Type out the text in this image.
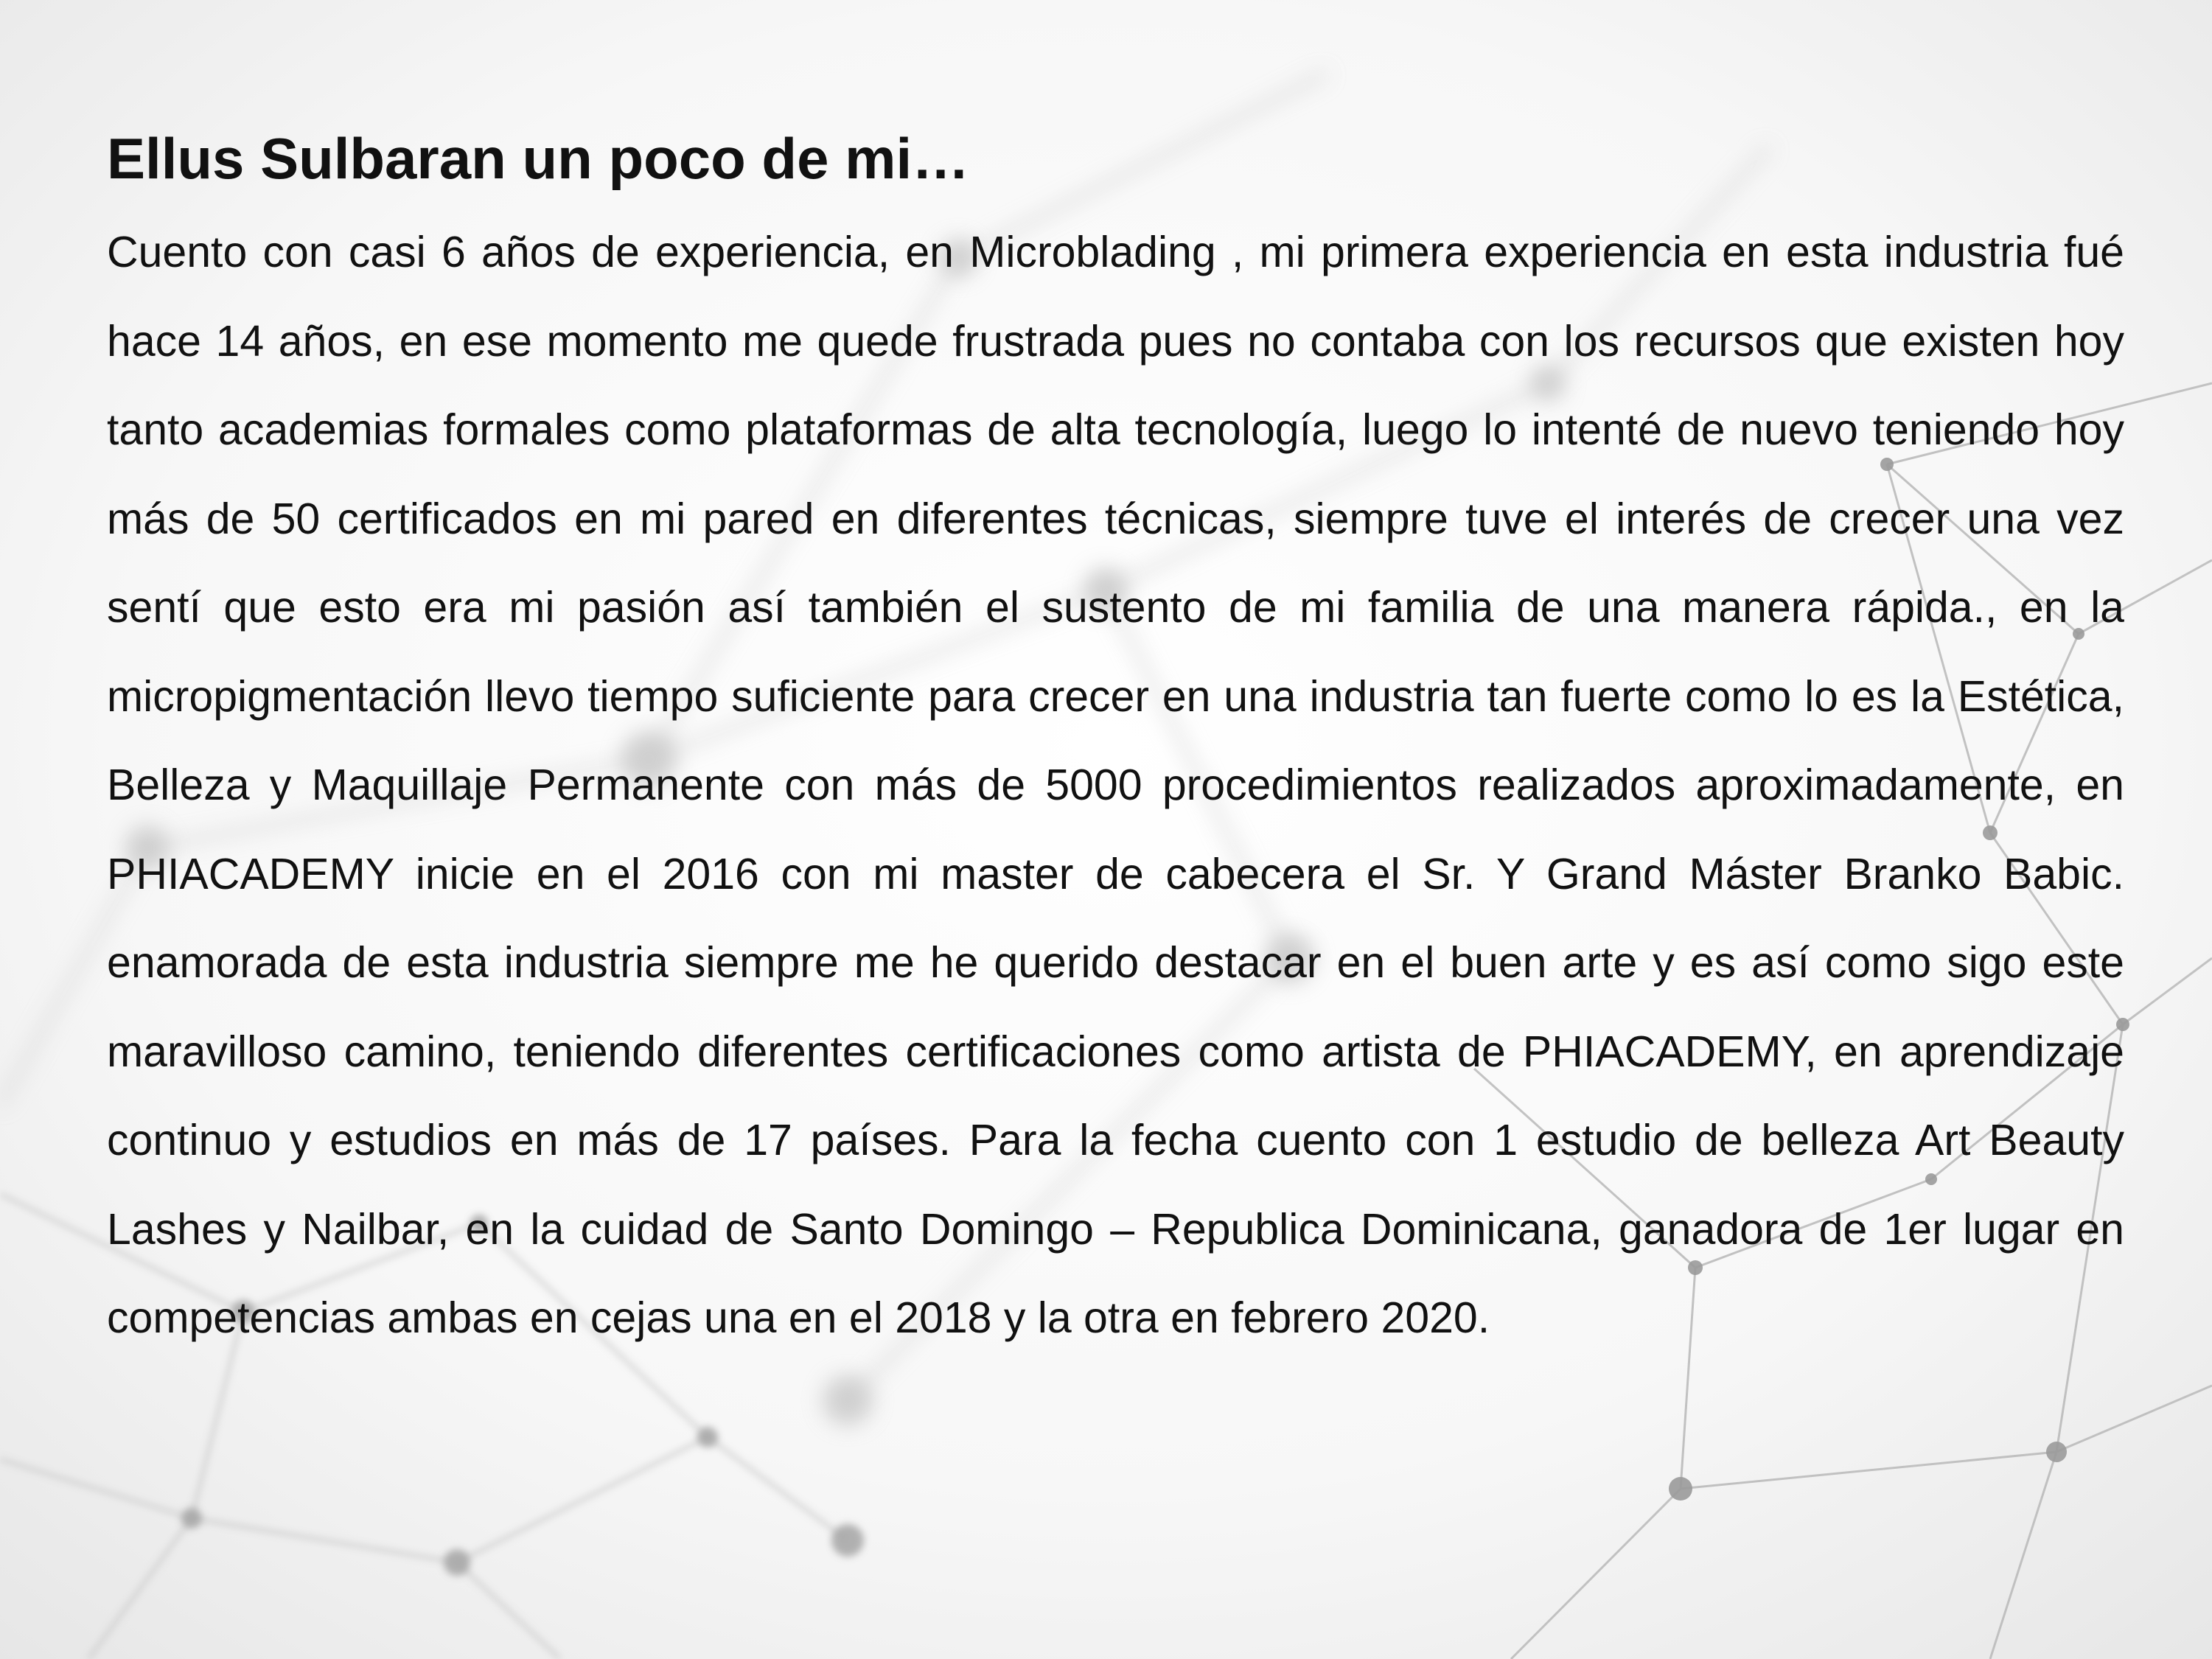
Ellus Sulbaran un poco de mi…

Cuento con casi 6 años de experiencia, en Microblading , mi primera experiencia en esta industria fué hace 14 años, en ese momento me quede frustrada pues no contaba con los recursos que existen hoy tanto academias formales como plataformas de alta tecnología, luego lo intenté de nuevo teniendo hoy más de 50 certificados en mi pared en diferentes técnicas, siempre tuve el interés de crecer una vez sentí que esto era mi pasión así también el sustento de mi familia de una manera rápida., en la micropigmentación llevo tiempo suficiente para crecer en una industria tan fuerte como lo es la Estética, Belleza y Maquillaje Permanente con más de 5000 procedimientos realizados aproximadamente, en PHIACADEMY inicie en el 2016 con mi master de cabecera el Sr. Y Grand Máster Branko Babic. enamorada de esta industria siempre me he querido destacar en el buen arte y es así como sigo este maravilloso camino, teniendo diferentes certificaciones como artista de PHIACADEMY, en aprendizaje continuo y estudios en más de 17 países. Para la fecha cuento con 1 estudio de belleza Art Beauty Lashes y Nailbar, en la cuidad de Santo Domingo – Republica Dominicana, ganadora de 1er lugar en competencias ambas en cejas una en el 2018 y la otra en febrero 2020.
